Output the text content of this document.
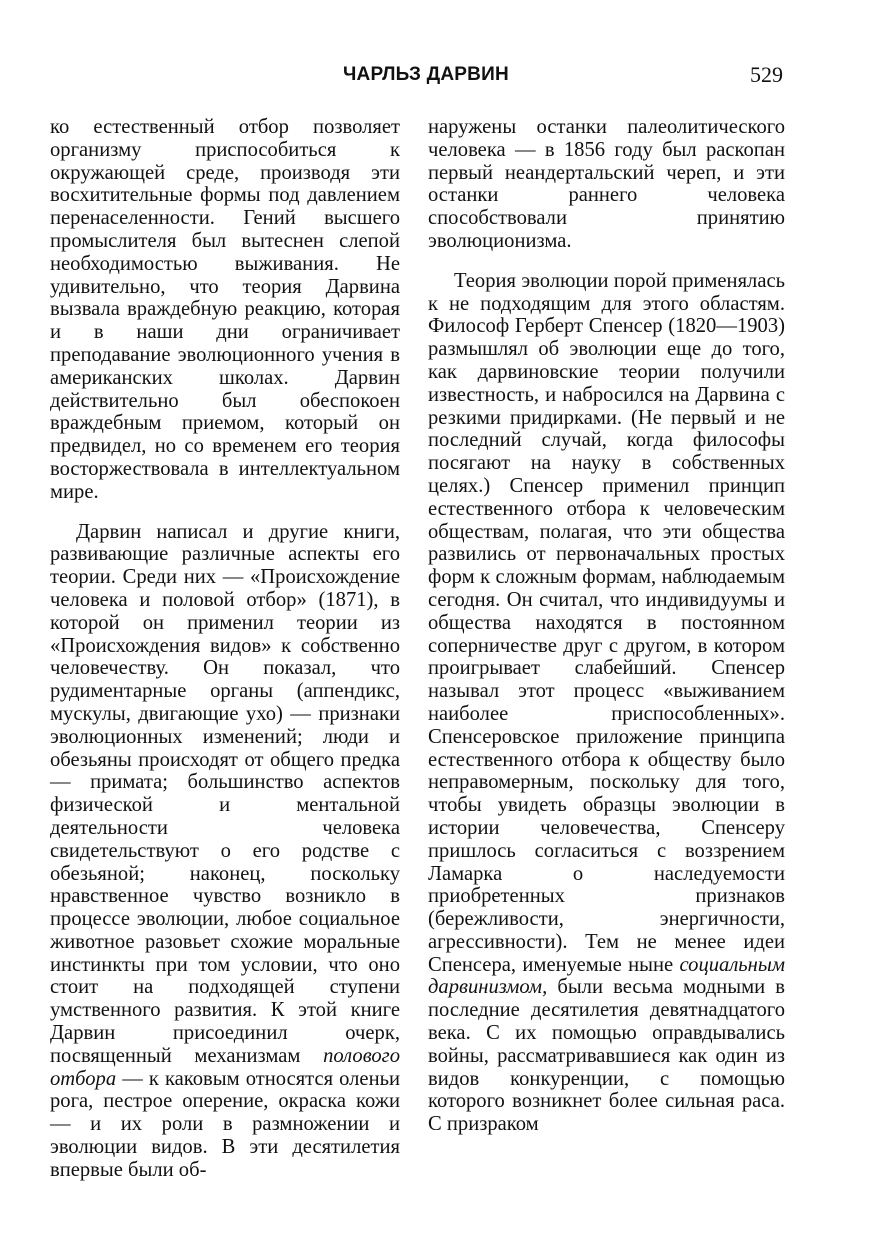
ЧАРЛЬЗ ДАРВИН	529

ко естественный отбор позволяет организму приспособиться к окружающей среде, производя эти восхитительные формы под давлением перенаселенности. Гений высшего промыслителя был вытеснен слепой необходимостью выживания. Не удивительно, что теория Дарвина вызвала враждебную реакцию, которая и в наши дни ограничивает преподавание эволюционного учения в американских школах. Дарвин действительно был обеспокоен враждебным приемом, который он предвидел, но со временем его теория восторжествовала в интеллектуальном мире.

Дарвин написал и другие книги, развивающие различные аспекты его теории. Среди них — «Происхождение человека и половой отбор» (1871), в которой он применил теории из «Происхождения видов» к собственно человечеству. Он показал, что рудиментарные органы (аппендикс, мускулы, двигающие ухо) — признаки эволюционных изменений; люди и обезьяны происходят от общего предка — примата; большинство аспектов физической и ментальной деятельности человека свидетельствуют о его родстве с обезьяной; наконец, поскольку нравственное чувство возникло в процессе эволюции, любое социальное животное разовьет схожие моральные инстинкты при том условии, что оно стоит на подходящей ступени умственного развития. К этой книге Дарвин присоединил очерк, посвященный механизмам полового отбора — к каковым относятся оленьи рога, пестрое оперение, окраска кожи — и их роли в размножении и эволюции видов. В эти десятилетия впервые были об-

наружены останки палеолитического человека — в 1856 году был раскопан первый неандертальский череп, и эти останки раннего человека способствовали принятию эволюционизма.

Теория эволюции порой применялась к не подходящим для этого областям. Философ Герберт Спенсер (1820—1903) размышлял об эволюции еще до того, как дарвиновские теории получили известность, и набросился на Дарвина с резкими придирками. (Не первый и не последний случай, когда философы посягают на науку в собственных целях.) Спенсер применил принцип естественного отбора к человеческим обществам, полагая, что эти общества развились от первоначальных простых форм к сложным формам, наблюдаемым сегодня. Он считал, что индивидуумы и общества находятся в постоянном соперничестве друг с другом, в котором проигрывает слабейший. Спенсер называл этот процесс «выживанием наиболее приспособленных». Спенсеровское приложение принципа естественного отбора к обществу было неправомерным, поскольку для того, чтобы увидеть образцы эволюции в истории человечества, Спенсеру пришлось согласиться с воззрением Ламарка о наследуемости приобретенных признаков (бережливости, энергичности, агрессивности). Тем не менее идеи Спенсера, именуемые ныне социальным дарвинизмом, были весьма модными в последние десятилетия девятнадцатого века. С их помощью оправдывались войны, рассматривавшиеся как один из видов конкуренции, с помощью которого возникнет более сильная раса. С призраком
